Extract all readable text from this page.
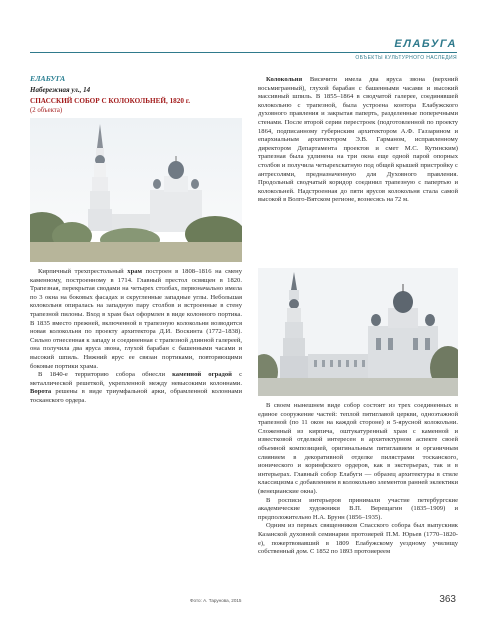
ЕЛАБУГА
ОБЪЕКТЫ КУЛЬТУРНОГО НАСЛЕДИЯ
ЕЛАБУГА
Набережная ул., 14
СПАССКИЙ СОБОР С КОЛОКОЛЬНЕЙ, 1820 г.
(2 объекта)

Колокольня Висячити имела два яруса звона (верхний восьмигранный), глухой барабан с башенными часами и высокий массивный шпиль. В 1855–1864 в сводчатой галерее, соединявшей колокольню с трапезной, была устроена контора Елабужского духовного правления и закрытая паперть, разделенные поперечными стенами. После второй серии перестроек (подготовленной по проекту 1864, подписанному губернским архитектором А.Ф. Газзарином и епархиальным архитектором Э.В. Гарманом, исправленному директором Департамента проектов и смет М.С. Кутинским) трапезная была удлинена на три окна еще одной парой опорных столбов и получила четырехскатную под общей крышей пристройку с антресолями, предназначенную для Духовного правления. Продольный сводчатый коридор соединил трапезную с папертью и колокольней. Надстроенная до пяти ярусов колокольня стала самой высокой в Волго-Вятском регионе, вознесясь на 72 м.

Кирпичный трехпрестольный храм построен в 1808–1816 на смену каменному, построенному в 1714. Главный престол освящен в 1820. Трапезная, перекрытая сводами на четырех столбах, первоначально имела по 3 окна на боковых фасадах и скругленные западные углы. Небольшая колокольня опиралась на западную пару столбов и встроенные в стену трапезной пилоны. Вход в храм был оформлен в виде колонного портика. В 1835 вместо прежней, включенной в трапезную колокольни возводится новая колокольня по проекту архитектора Д.И. Воскинта (1772–1838). Сильно отнесенная к западу и соединенная с трапезной длинной галереей, она получила два яруса звона, глухой барабан с башенными часами и высокий шпиль. Нижний ярус ее связан портиками, повторяющими боковые портики храма.

В 1840-е территорию собора обнесли каменной оградой с металлической решеткой, укрепленной между невысокими колоннами. Ворота решены в виде триумфальной арки, обрамленной колоннами тосканского ордера.

В своем нынешнем виде собор состоит из трех соединенных в единое сооружение частей: теплой пятиглавой церкви, одноэтажной трапезной (по 11 окон на каждой стороне) и 5-ярусной колокольни. Сложенный из кирпича, оштукатуренный храм с каменной и известковой отделкой интересен в архитектурном аспекте своей объемной композицией, оригинальным пятиглавием и органичным слиянием в декоративной отделке пилястрами тосканского, ионического и коринфского ордеров, как в экстерьерах, так и в интерьерах. Главный собор Елабуги — образец архитектуры в стиле классицизма с добавлением в колокольню элементов ранней эклектики (венецианские окна).

В росписи интерьеров принимали участие петербургские академические художники В.П. Верещагин (1835–1909) и предположительно Н.А. Брунн (1856–1935).

Одним из первых священников Спасского собора был выпускник Казанской духовной семинарии протоиерей П.М. Юрьев (1770–1820-е), пожертвовавший в 1809 Елабужскому уездному училищу собственный дом. С 1852 по 1893 протоиереем

Фото: А. Тарунова, 2015	363
